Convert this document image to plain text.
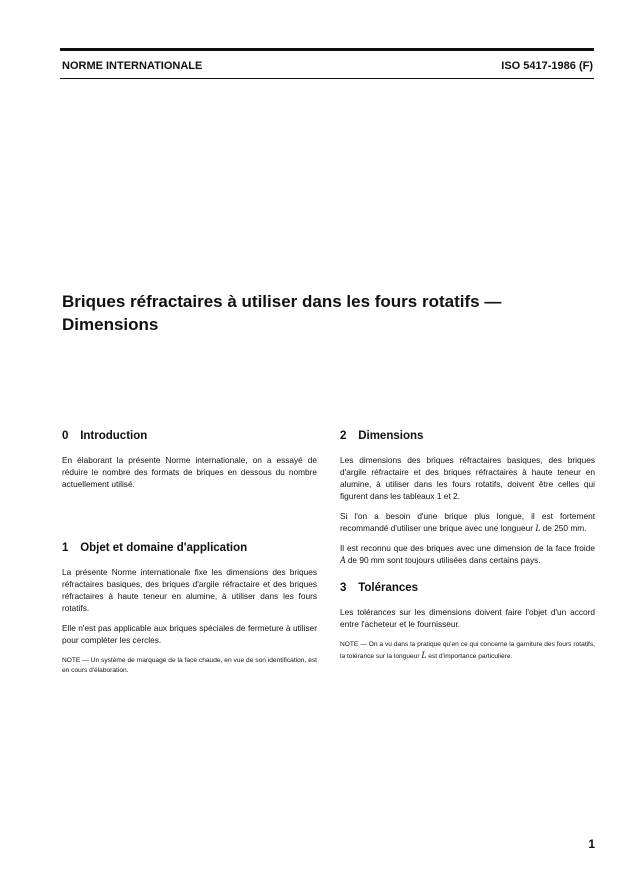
NORME INTERNATIONALE	ISO 5417-1986 (F)
Briques réfractaires à utiliser dans les fours rotatifs —
Dimensions
0 Introduction

En élaborant la présente Norme internationale, on a essayé de réduire le nombre des formats de briques en dessous du nombre actuellement utilisé.

1 Objet et domaine d'application

La présente Norme internationale fixe les dimensions des briques réfractaires basiques, des briques d'argile réfractaire et des briques réfractaires à haute teneur en alumine, à utiliser dans les fours rotatifs.

Elle n'est pas applicable aux briques spéciales de fermeture à utiliser pour compléter les cercles.

NOTE — Un système de marquage de la face chaude, en vue de son identification, est en cours d'élaboration.

2 Dimensions

Les dimensions des briques réfractaires basiques, des briques d'argile réfractaire et des briques réfractaires à haute teneur en alumine, à utiliser dans les fours rotatifs, doivent être celles qui figurent dans les tableaux 1 et 2.

Si l'on a besoin d'une brique plus longue, il est fortement recommandé d'utiliser une brique avec une longueur L de 250 mm.

Il est reconnu que des briques avec une dimension de la face froide A de 90 mm sont toujours utilisées dans certains pays.

3 Tolérances

Les tolérances sur les dimensions doivent faire l'objet d'un accord entre l'acheteur et le fournisseur.

NOTE — On a vu dans la pratique qu'en ce qui concerne la garniture des fours rotatifs, la tolérance sur la longueur L est d'importance particulière.

1
